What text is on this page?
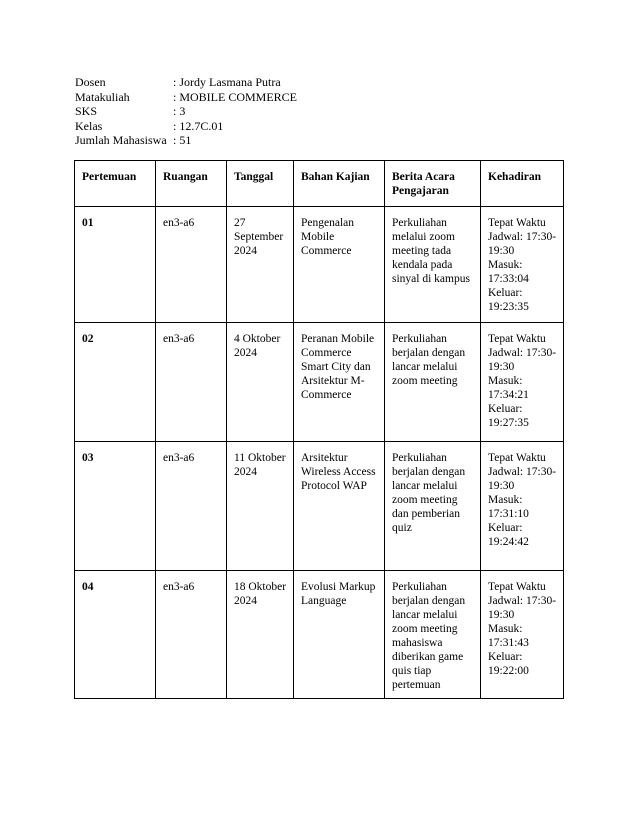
Dosen	: Jordy Lasmana Putra
Matakuliah	: MOBILE COMMERCE
SKS	: 3
Kelas	: 12.7C.01
Jumlah Mahasiswa : 51
Pertemuan	Ruangan	Tanggal	Bahan Kajian	Berita Acara Pengajaran	Kehadiran
01	en3-a6	27 September 2024	Pengenalan Mobile Commerce	Perkuliahan melalui zoom meeting tada kendala pada sinyal di kampus	Tepat Waktu
Jadwal: 17:30-19:30
Masuk: 17:33:04
Keluar: 19:23:35

02	en3-a6	4 Oktober 2024	Peranan Mobile Commerce Smart City dan Arsitektur M-Commerce	Perkuliahan berjalan dengan lancar melalui zoom meeting	Tepat Waktu
Jadwal: 17:30-19:30
Masuk: 17:34:21
Keluar: 19:27:35

03	en3-a6	11 Oktober 2024	Arsitektur Wireless Access Protocol WAP	Perkuliahan berjalan dengan lancar melalui zoom meeting dan pemberian quiz	Tepat Waktu
Jadwal: 17:30-19:30
Masuk: 17:31:10
Keluar: 19:24:42

04	en3-a6	18 Oktober 2024	Evolusi Markup Language	Perkuliahan berjalan dengan lancar melalui zoom meeting mahasiswa diberikan game quis tiap pertemuan	Tepat Waktu
Jadwal: 17:30-19:30
Masuk: 17:31:43
Keluar: 19:22:00
